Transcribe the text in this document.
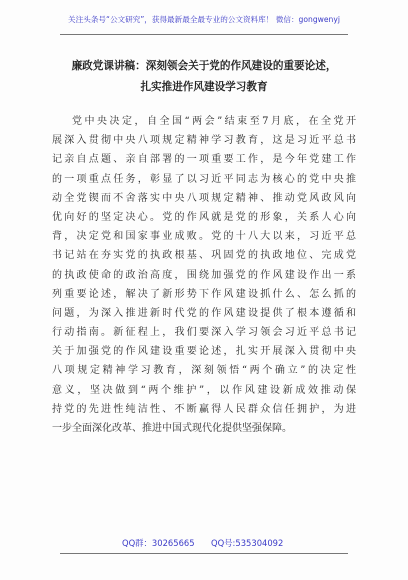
关注头条号“公文研究”，获得最新最全最专业的公文资料库！ 微信：gongwenyj
廉政党课讲稿：深刻领会关于党的作风建设的重要论述，
扎实推进作风建设学习教育
党中央决定，自全国“两会”结束至7月底，在全党开
展深入贯彻中央八项规定精神学习教育，这是习近平总书
记亲自点题、亲自部署的一项重要工作，是今年党建工作
的一项重点任务，彰显了以习近平同志为核心的党中央推
动全党锲而不舍落实中央八项规定精神、推动党风政风向
优向好的坚定决心。党的作风就是党的形象，关系人心向
背，决定党和国家事业成败。党的十八大以来，习近平总
书记站在夯实党的执政根基、巩固党的执政地位、完成党
的执政使命的政治高度，围绕加强党的作风建设作出一系
列重要论述，解决了新形势下作风建设抓什么、怎么抓的
问题，为深入推进新时代党的作风建设提供了根本遵循和
行动指南。新征程上，我们要深入学习领会习近平总书记
关于加强党的作风建设重要论述，扎实开展深入贯彻中央
八项规定精神学习教育，深刻领悟“两个确立”的决定性
意义，坚决做到“两个维护”，以作风建设新成效推动保
持党的先进性纯洁性、不断赢得人民群众信任拥护，为进
一步全面深化改革、推进中国式现代化提供坚强保障。
QQ群：30265665 QQ号:535304092
